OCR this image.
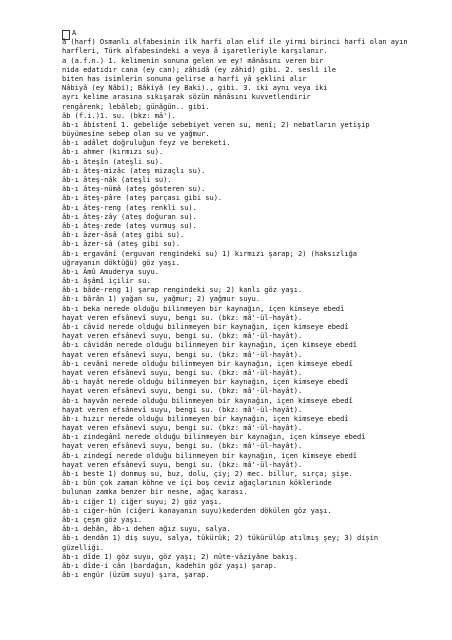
A
â (harf) Osmanlı alfabesinin ilk harfi olan elif ile yirmi birinci harfi olan ayın
harfleri, Türk alfabesindeki a veya â işaretleriyle karşılanır.
a (a.f.n.) 1. kelimenin sonuna gelen ve ey! mânâsını veren bir
nida edatıdır cana (ey can); zâhidâ (ey zâhid) gibi. 2. seslî ile
biten has isimlerin sonuna gelirse a harfi yâ şeklini alır
Nâbiyâ (ey Nâbi); Bâkiyâ (ey Baki)., gibi. 3. iki aynı veya iki
ayrı kelime arasına sıkışarak sözün mânâsını kuvvetlendirir
rengârenk; lebâleb; günâgün.. gibi.
âb (f.i.)1. su. (bkz: mâ').
âb-ı âbistenî 1. gebeliğe sebebiyet veren su, menî; 2) nebatların yetişip
büyümesine sebep olan su ve yağmur.
âb-ı adâlet doğruluğun feyz ve bereketi.
âb-ı ahmer (kırmızı su).
âb-ı âteşîn (ateşli su).
âb-ı âteş-mizâc (ateş mizaçlı su).
âb-ı âteş-nâk (ateşli su).
âb-ı âteş-nümâ (ateş gösteren su).
âb-ı âteş-pâre (ateş parçası gibi su).
âb-ı âteş-reng (ateş renkli su).
âb-ı âteş-zây (ateş doğuran su).
âb-ı âteş-zede (ateş vurmuş su).
âb-ı âzer-âsâ (ateş gibi su).
âb-ı âzer-sâ (ateş gibi su).
âb-ı ergavânî (erguvan rengindeki su) 1) kırmızı şarap; 2) (haksızlığa
uğrayanın döktüğü) göz yaşı.
âb-ı Âmû Amuderya suyu.
âb-ı âşâmî içilir su.
âb-ı bâde-reng 1) şarap rengindeki su; 2) kanlı göz yaşı.
âb-ı bârân 1) yağan su, yağmur; 2) yağmur suyu.
âb-ı beka nerede olduğu bilinmeyen bir kaynağın, içen kimseye ebedî
hayat veren efsânevî suyu, bengi su. (bkz: mâ'-ül-hayât).
âb-ı câvid nerede olduğu bilinmeyen bir kaynağın, içen kimseye ebedî
hayat veren efsânevî suyu, bengi su. (bkz: mâ'-ül-hayât).
âb-ı câvidân nerede olduğu bilinmeyen bir kaynağın, içen kimseye ebedî
hayat veren efsânevî suyu, bengi su. (bkz: mâ'-ül-hayât).
âb-ı cevânî nerede olduğu bilinmeyen bir kaynağın, içen kimseye ebedî
hayat veren efsânevî suyu, bengi su. (bkz: mâ'-ül-hayât).
âb-ı hayât nerede olduğu bilinmeyen bir kaynağın, içen kimseye ebedî
hayat veren efsânevî suyu, bengi su. (bkz: mâ'-ül-hayât).
âb-ı hayvân nerede olduğu bilinmeyen bir kaynağın, içen kimseye ebedî
hayat veren efsânevî suyu, bengi su. (bkz: mâ'-ül-hayât).
âb-ı hızır nerede olduğu bilinmeyen bir kaynağın, içen kimseye ebedî
hayat veren efsânevî suyu, bengi su. (bkz: mâ'-ül-hayât).
âb-ı zindegânî nerede olduğu bilinmeyen bir kaynağın, içen kimseye ebedî
hayat veren efsânevî suyu, bengi su. (bkz: mâ'-ül-hayât).
âb-ı zindegî nerede olduğu bilinmeyen bir kaynağın, içen kimseye ebedî
hayat veren efsânevî suyu, bengi su. (bkz: mâ'-ül-hayât).
âb-ı beste 1) donmuş su, buz, dolu, çiy; 2) mec. billur, sırça; şişe.
âb-ı bûn çok zaman köhne ve içi boş ceviz ağaçlarının köklerinde
bulunan zamka benzer bir nesne, ağaç karası.
âb-ı ciğer 1) ciğer suyu; 2) göz yaşı.
âb-ı ciğer-hûn (ciğeri kanayanın suyu)kederden dökülen göz yaşı.
âb-ı çeşm göz yaşı.
âb-ı dehân, âb-ı dehen ağız suyu, salya.
âb-ı dendân 1) diş suyu, salya, tükürük; 2) tükürülüp atılmış şey; 3) dişin
güzelliği.
âb-ı dîde 1) göz suyu, göz yaşı; 2) nüte-vâziyâne bakış.
âb-ı dîde-i cân (bardağın, kadehin göz yaşı) şarap.
âb-ı engûr (üzüm suyu) şıra, şarap.
